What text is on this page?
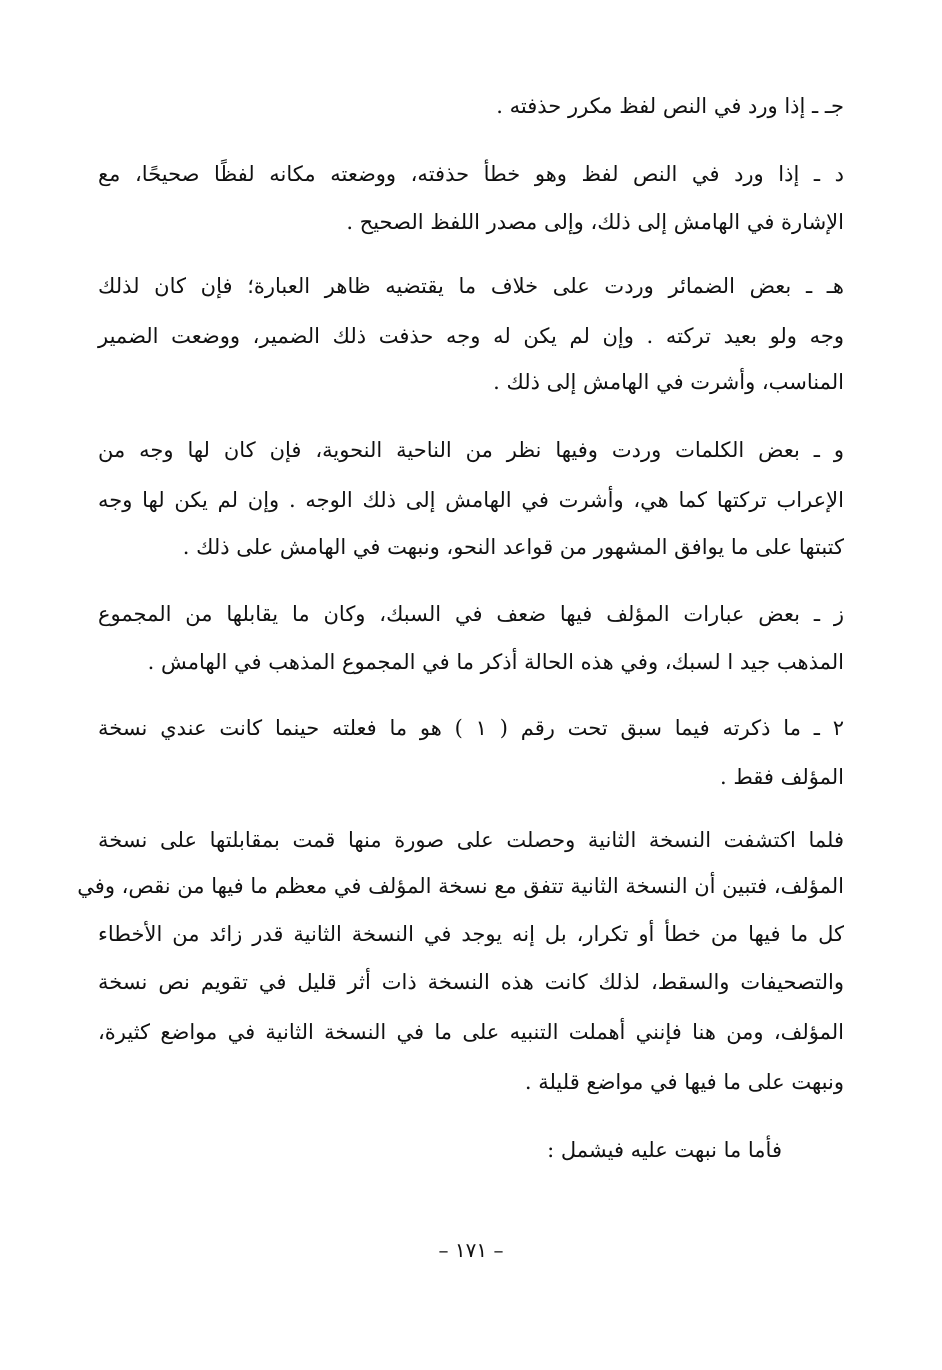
جـ ـ إذا ورد في النص لفظ مكرر حذفته .
د ـ إذا ورد في النص لفظ وهو خطأ حذفته، ووضعته مكانه لفظًا صحيحًا، مع
الإشارة في الهامش إلى ذلك، وإلى مصدر اللفظ الصحيح .
هـ ـ بعض الضمائر وردت على خلاف ما يقتضيه ظاهر العبارة؛ فإن كان لذلك
وجه ولو بعيد تركته . وإن لم يكن له وجه حذفت ذلك الضمير، ووضعت الضمير
المناسب، وأشرت في الهامش إلى ذلك .
و ـ بعض الكلمات وردت وفيها نظر من الناحية النحوية، فإن كان لها وجه من
الإعراب تركتها كما هي، وأشرت في الهامش إلى ذلك الوجه . وإن لم يكن لها وجه
كتبتها على ما يوافق المشهور من قواعد النحو، ونبهت في الهامش على ذلك .
ز ـ بعض عبارات المؤلف فيها ضعف في السبك، وكان ما يقابلها من المجموع
المذهب جيد ا لسبك، وفي هذه الحالة أذكر ما في المجموع المذهب في الهامش .
٢ ـ ما ذكرته فيما سبق تحت رقم ( ١ ) هو ما فعلته حينما كانت عندي نسخة
المؤلف فقط .
فلما اكتشفت النسخة الثانية وحصلت على صورة منها قمت بمقابلتها على نسخة
المؤلف، فتبين أن النسخة الثانية تتفق مع نسخة المؤلف في معظم ما فيها من نقص، وفي
كل ما فيها من خطأ أو تكرار، بل إنه يوجد في النسخة الثانية قدر زائد من الأخطاء
والتصحيفات والسقط، لذلك كانت هذه النسخة ذات أثر قليل في تقويم نص نسخة
المؤلف، ومن هنا فإنني أهملت التنبيه على ما في النسخة الثانية في مواضع كثيرة،
ونبهت على ما فيها في مواضع قليلة .
فأما ما نبهت عليه فيشمل :
– ١٧١ –
